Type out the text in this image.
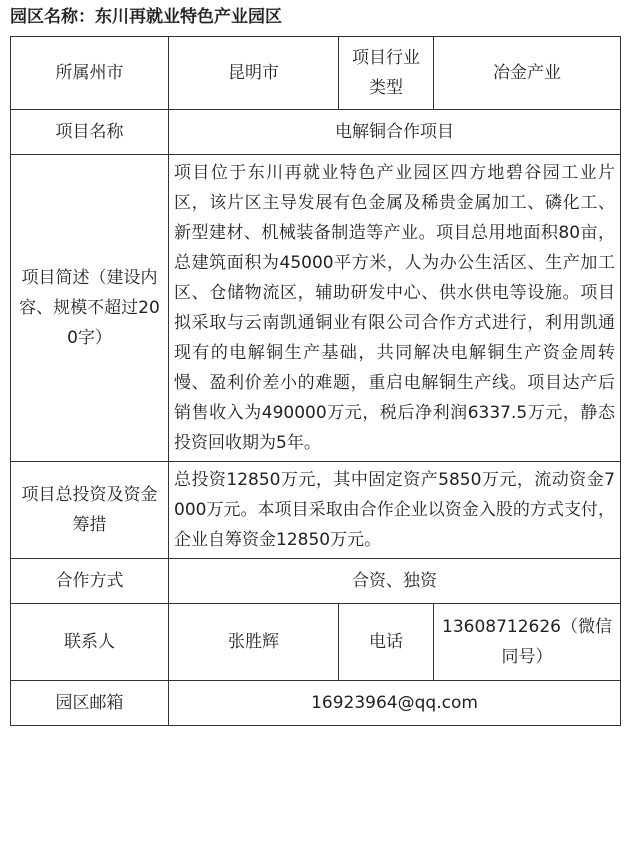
园区名称：东川再就业特色产业园区
所属州市	昆明市	项目行业类型	冶金产业
项目名称	电解铜合作项目		
项目简述（建设内容、规模不超过200字）	项目位于东川再就业特色产业园区四方地碧谷园工业片区，该片区主导发展有色金属及稀贵金属加工、磷化工、新型建材、机械装备制造等产业。项目总用地面积80亩，总建筑面积为45000平方米，人为办公生活区、生产加工区、仓储物流区，辅助研发中心、供水供电等设施。项目拟采取与云南凯通铜业有限公司合作方式进行，利用凯通现有的电解铜生产基础，共同解决电解铜生产资金周转慢、盈利价差小的难题，重启电解铜生产线。项目达产后销售收入为490000万元，税后净利润6337.5万元，静态投资回收期为5年。		
项目总投资及资金筹措	总投资12850万元，其中固定资产5850万元，流动资金7000万元。本项目采取由合作企业以资金入股的方式支付，企业自筹资金12850万元。		
合作方式	合资、独资		
联系人	张胜辉	电话	13608712626（微信同号）
园区邮箱	16923964@qq.com		
